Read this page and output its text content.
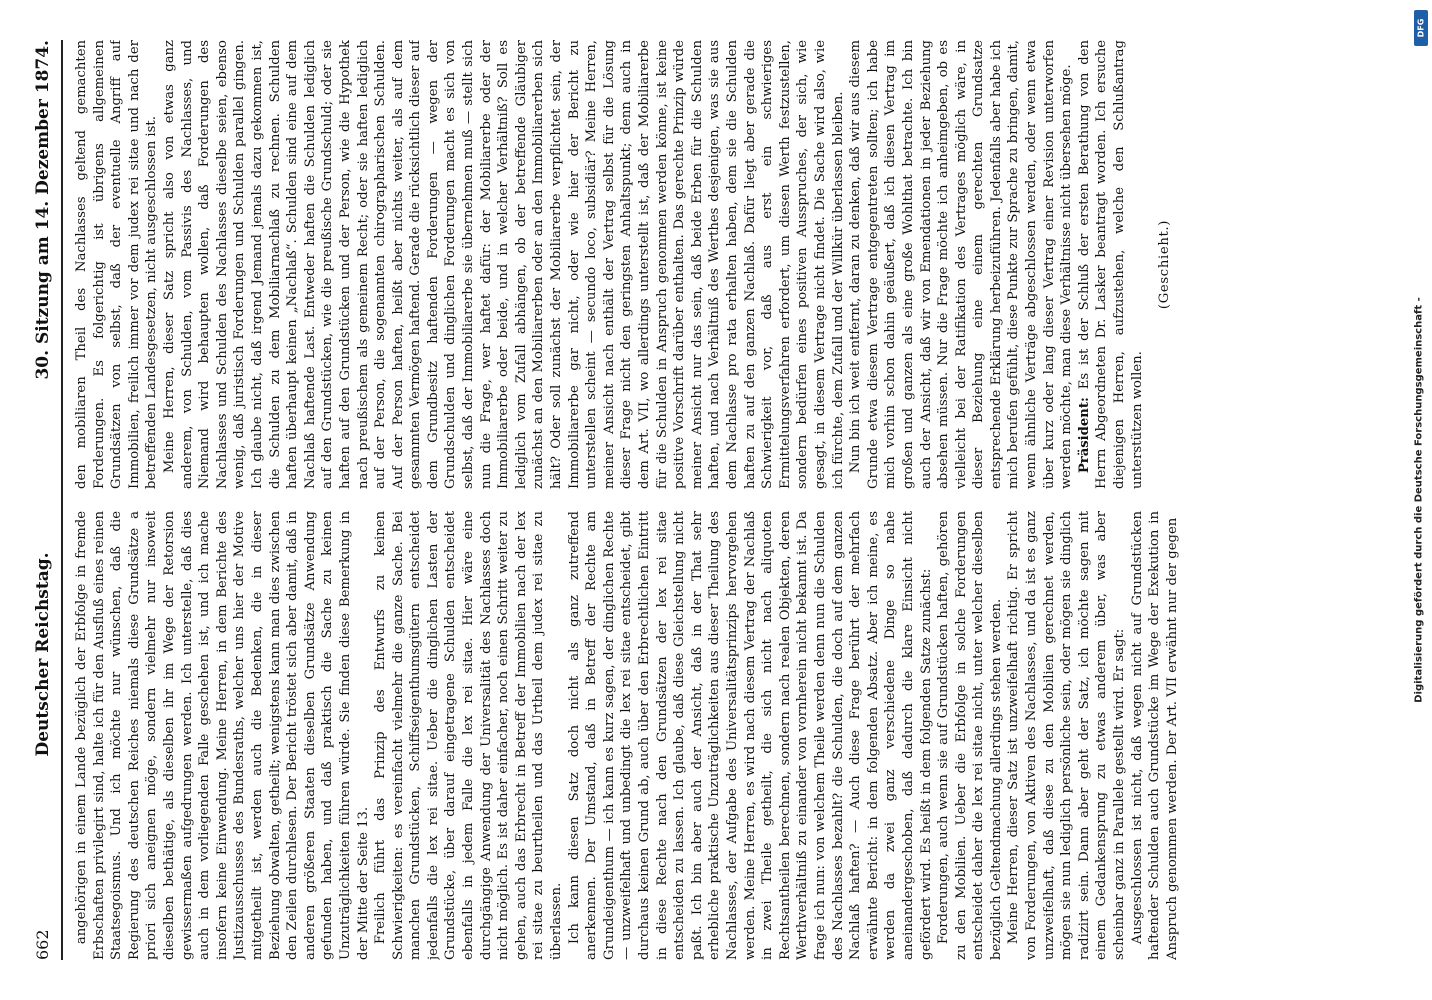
662
Deutscher Reichstag.
30. Sitzung am 14. Dezember 1874.

angehörigen in einem Lande bezüglich der Erbfolge in fremde Erbschaften privilegirt sind, halte ich für den Ausfluß eines reinen Staatsegoismus. Und ich möchte nur wünschen, daß die Regierung des deutschen Reiches niemals diese Grundsätze a priori sich aneignen möge, sondern vielmehr nur insoweit dieselben bethätige, als dieselben ihr im Wege der Retorsion gewissermaßen aufgedrungen werden. Ich unterstelle, daß dies auch in dem vorliegenden Falle geschehen ist, und ich mache insofern keine Einwendung. Meine Herren, in dem Berichte des Justizausschusses des Bundesraths, welcher uns hier der Motive mitgetheilt ist, werden auch die Bedenken, die in dieser Beziehung obwalten, getheilt; wenigstens kann man dies zwischen den Zeilen durchlesen. Der Bericht tröstet sich aber damit, daß in anderen größeren Staaten dieselben Grundsätze Anwendung gefunden haben, und daß praktisch die Sache zu keinen Unzuträglichkeiten führen würde. Sie finden diese Bemerkung in der Mitte der Seite 13. Freilich führt das Prinzip des Entwurfs zu keinen Schwierigkeiten: es vereinfacht vielmehr die ganze Sache. Bei manchen Grundstücken, Schiffseigenthumsgütern entscheidet jedenfalls die lex rei sitae. Ueber die dinglichen Lasten der Grundstücke, über darauf eingetragene Schulden entscheidet ebenfalls in jedem Falle die lex rei sitae. Hier wäre eine durchgängige Anwendung der Universalität des Nachlasses doch nicht möglich. Es ist daher einfacher, noch einen Schritt weiter zu gehen, auch das Erbrecht in Betreff der Immobilien nach der lex rei sitae zu beurtheilen und das Urtheil dem judex rei sitae zu überlassen. Ich kann diesen Satz doch nicht als ganz zutreffend anerkennen. Der Umstand, daß in Betreff der Rechte am Grundeigenthum — ich kann es kurz sagen, der dinglichen Rechte — unzweifelhaft und unbedingt die lex rei sitae entscheidet, gibt durchaus keinen Grund ab, auch über den Erbrechtlichen Eintritt in diese Rechte nach den Grundsätzen der lex rei sitae entscheiden zu lassen. Ich glaube, daß diese Gleichstellung nicht paßt. Ich bin aber auch der Ansicht, daß in der That sehr erhebliche praktische Unzuträglichkeiten aus dieser Theilung des Nachlasses, der Aufgabe des Universalitätsprinzips hervorgehen werden. Meine Herren, es wird nach diesem Vertrag der Nachlaß in zwei Theile getheilt, die sich nicht nach aliquoten Rechtsantheilen berechnen, sondern nach realen Objekten, deren Werthverhältniß zu einander von vornherein nicht bekannt ist. Da frage ich nun: von welchem Theile werden denn nun die Schulden des Nachlasses bezahlt? die Schulden, die doch auf dem ganzen Nachlaß haften? — Auch diese Frage berührt der mehrfach erwähnte Bericht: in dem folgenden Absatz. Aber ich meine, es werden da zwei ganz verschiedene Dinge so nahe aneinandergeschoben, daß dadurch die klare Einsicht nicht gefördert wird. Es heißt in dem folgenden Satze zunächst: Forderungen, auch wenn sie auf Grundstücken haften, gehören zu den Mobilien. Ueber die Erbfolge in solche Forderungen entscheidet daher die lex rei sitae nicht, unter welcher dieselben bezüglich Geltendmachung allerdings stehen werden. Meine Herren, dieser Satz ist unzweifelhaft richtig. Er spricht von Forderungen, von Aktiven des Nachlasses, und da ist es ganz unzweifelhaft, daß diese zu den Mobilien gerechnet werden, mögen sie nun lediglich persönliche sein, oder mögen sie dinglich radizirt sein. Dann aber geht der Satz, ich möchte sagen mit einem Gedankensprung zu etwas anderem über, was aber scheinbar ganz in Parallele gestellt wird. Er sagt: Ausgeschlossen ist nicht, daß wegen nicht auf Grundstücken haftender Schulden auch Grundstücke im Wege der Exekution in Anspruch genommen werden. Der Art. VII erwähnt nur der gegen

den mobiliaren Theil des Nachlasses geltend gemachten Forderungen. Es folgerichtig ist übrigens allgemeinen Grundsätzen von selbst, daß der eventuelle Angriff auf Immobilien, freilich immer vor dem judex rei sitae und nach der betreffenden Landesgesetzen, nicht ausgeschlossen ist. Meine Herren, dieser Satz spricht also von etwas ganz anderem, von Schulden, vom Passivis des Nachlasses, und Niemand wird behaupten wollen, daß Forderungen des Nachlasses und Schulden des Nachlasses dieselbe seien, ebenso wenig, daß juristisch Forderungen und Schulden parallel gingen. Ich glaube nicht, daß irgend Jemand jemals dazu gekommen ist, die Schulden zu dem Mobiliarnachlaß zu rechnen. Schulden haften überhaupt keinen „Nachlaß“. Schulden sind eine auf dem Nachlaß haftende Last. Entweder haften die Schulden lediglich auf den Grundstücken, wie die preußische Grundschuld; oder sie haften auf den Grundstücken und der Person, wie die Hypothek nach preußischem als gemeinem Recht; oder sie haften lediglich auf der Person, die sogenannten chirographarischen Schulden. Auf der Person haften, heißt aber nichts weiter, als auf dem gesammten Vermögen haftend. Gerade die rücksichtlich dieser auf dem Grundbesitz haftenden Forderungen — wegen der Grundschulden und dinglichen Forderungen macht es sich von selbst, daß der Immobiliarerbe sie übernehmen muß — stellt sich nun die Frage, wer haftet dafür: der Mobiliarerbe oder der Immobiliarerbe oder beide, und in welcher Verhältniß? Soll es lediglich vom Zufall abhängen, ob der betreffende Gläubiger zunächst an den Mobiliarerben oder an den Immobiliarerben sich hält? Oder soll zunächst der Mobiliarerbe verpflichtet sein, der Immobiliarerbe gar nicht, oder wie hier der Bericht zu unterstellen scheint — secundo loco, subsidiär? Meine Herren, meiner Ansicht nach enthält der Vertrag selbst für die Lösung dieser Frage nicht den geringsten Anhaltspunkt; denn auch in dem Art. VII, wo allerdings unterstellt ist, daß der Mobiliarerbe für die Schulden in Anspruch genommen werden könne, ist keine positive Vorschrift darüber enthalten. Das gerechte Prinzip würde meiner Ansicht nur das sein, daß beide Erben für die Schulden haften, und nach Verhältniß des Werthes desjenigen, was sie aus dem Nachlasse pro rata erhalten haben, dem sie die Schulden haften zu auf den ganzen Nachlaß. Dafür liegt aber gerade die Schwierigkeit vor, daß aus erst ein schwieriges Ermittelungsverfahren erfordert, um diesen Werth festzustellen, sondern bedürfen eines positiven Ausspruches, der sich, wie gesagt, in diesem Vertrage nicht findet. Die Sache wird also, wie ich fürchte, dem Zufall und der Willkür überlassen bleiben. Nun bin ich weit entfernt, daran zu denken, daß wir aus diesem Grunde etwa diesem Vertrage entgegentreten sollten; ich habe mich vorhin schon dahin geäußert, daß ich diesen Vertrag im großen und ganzen als eine große Wohlthat betrachte. Ich bin auch der Ansicht, daß wir von Emendationen in jeder Beziehung absehen müssen. Nur die Frage möchte ich anheimgeben, ob es vielleicht bei der Ratifikation des Vertrages möglich wäre, in dieser Beziehung eine einem gerechten Grundsatze entsprechende Erklärung herbeizuführen. Jedenfalls aber habe ich mich berufen gefühlt, diese Punkte zur Sprache zu bringen, damit, wenn ähnliche Verträge abgeschlossen werden, oder wenn etwa über kurz oder lang dieser Vertrag einer Revision unterworfen werden möchte, man diese Verhältnisse nicht übersehen möge. Präsident: Es ist der Schluß der ersten Berathung von den Herrn Abgeordneten Dr. Lasker beantragt worden. Ich ersuche diejenigen Herren, aufzustehen, welche den Schlußantrag unterstützen wollen.

(Geschieht.)
Digitalisierung gefördert durch die Deutsche Forschungsgemeinschaft -
DFG
